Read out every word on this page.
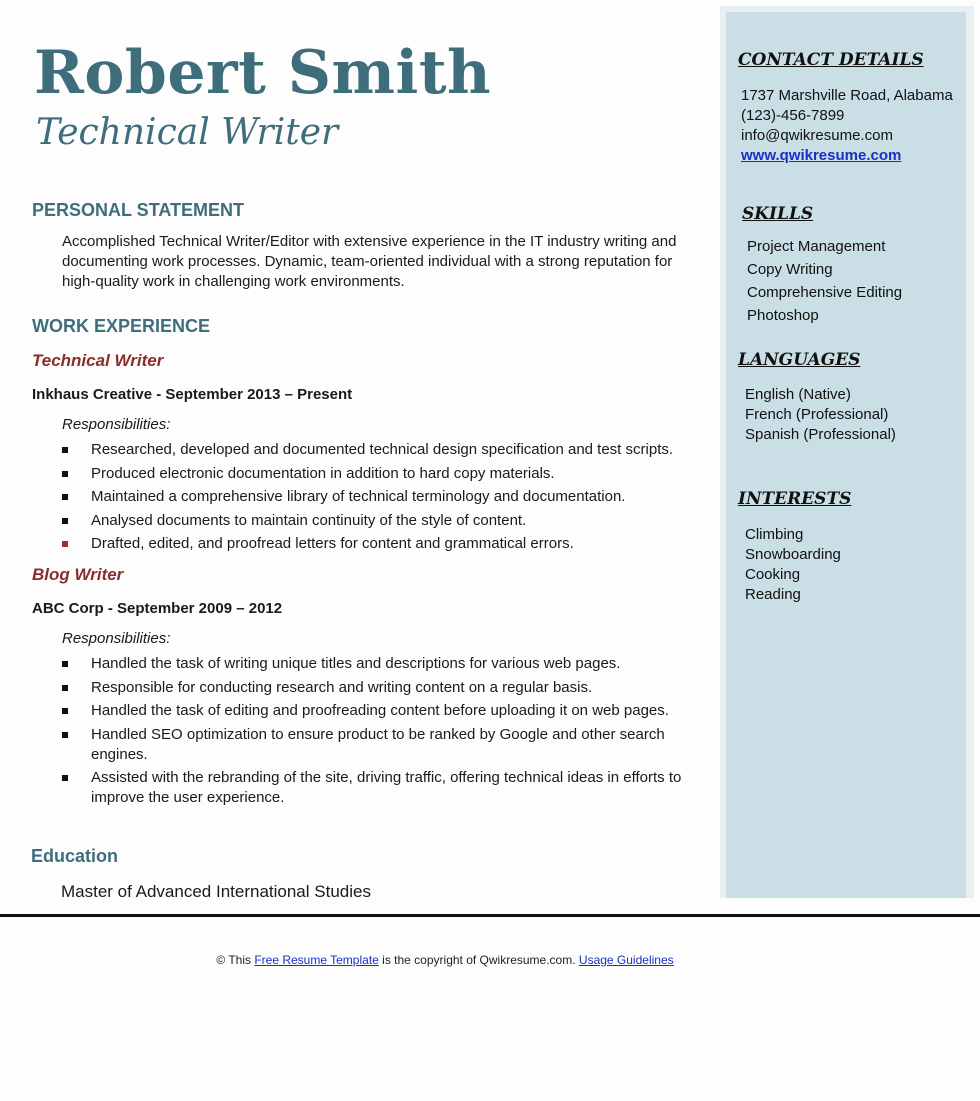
Robert Smith
Technical Writer
PERSONAL STATEMENT
Accomplished Technical Writer/Editor with extensive experience in the IT industry writing and documenting work processes. Dynamic, team-oriented individual with a strong reputation for high-quality work in challenging work environments.
WORK EXPERIENCE
Technical Writer
Inkhaus Creative - September 2013 – Present
Responsibilities:
Researched, developed and documented technical design specification and test scripts.
Produced electronic documentation in addition to hard copy materials.
Maintained a comprehensive library of technical terminology and documentation.
Analysed documents to maintain continuity of the style of content.
Drafted, edited, and proofread letters for content and grammatical errors.
Blog Writer
ABC Corp - September 2009 – 2012
Responsibilities:
Handled the task of writing unique titles and descriptions for various web pages.
Responsible for conducting research and writing content on a regular basis.
Handled the task of editing and proofreading content before uploading it on web pages.
Handled SEO optimization to ensure product to be ranked by Google and other search engines.
Assisted with the rebranding of the site, driving traffic, offering technical ideas in efforts to improve the user experience.
Education
Master of Advanced International Studies
CONTACT DETAILS
1737 Marshville Road, Alabama
(123)-456-7899
info@qwikresume.com
www.qwikresume.com
SKILLS
Project Management
Copy Writing
Comprehensive Editing
Photoshop
LANGUAGES
English (Native)
French (Professional)
Spanish (Professional)
INTERESTS
Climbing
Snowboarding
Cooking
Reading
© This Free Resume Template is the copyright of Qwikresume.com. Usage Guidelines
